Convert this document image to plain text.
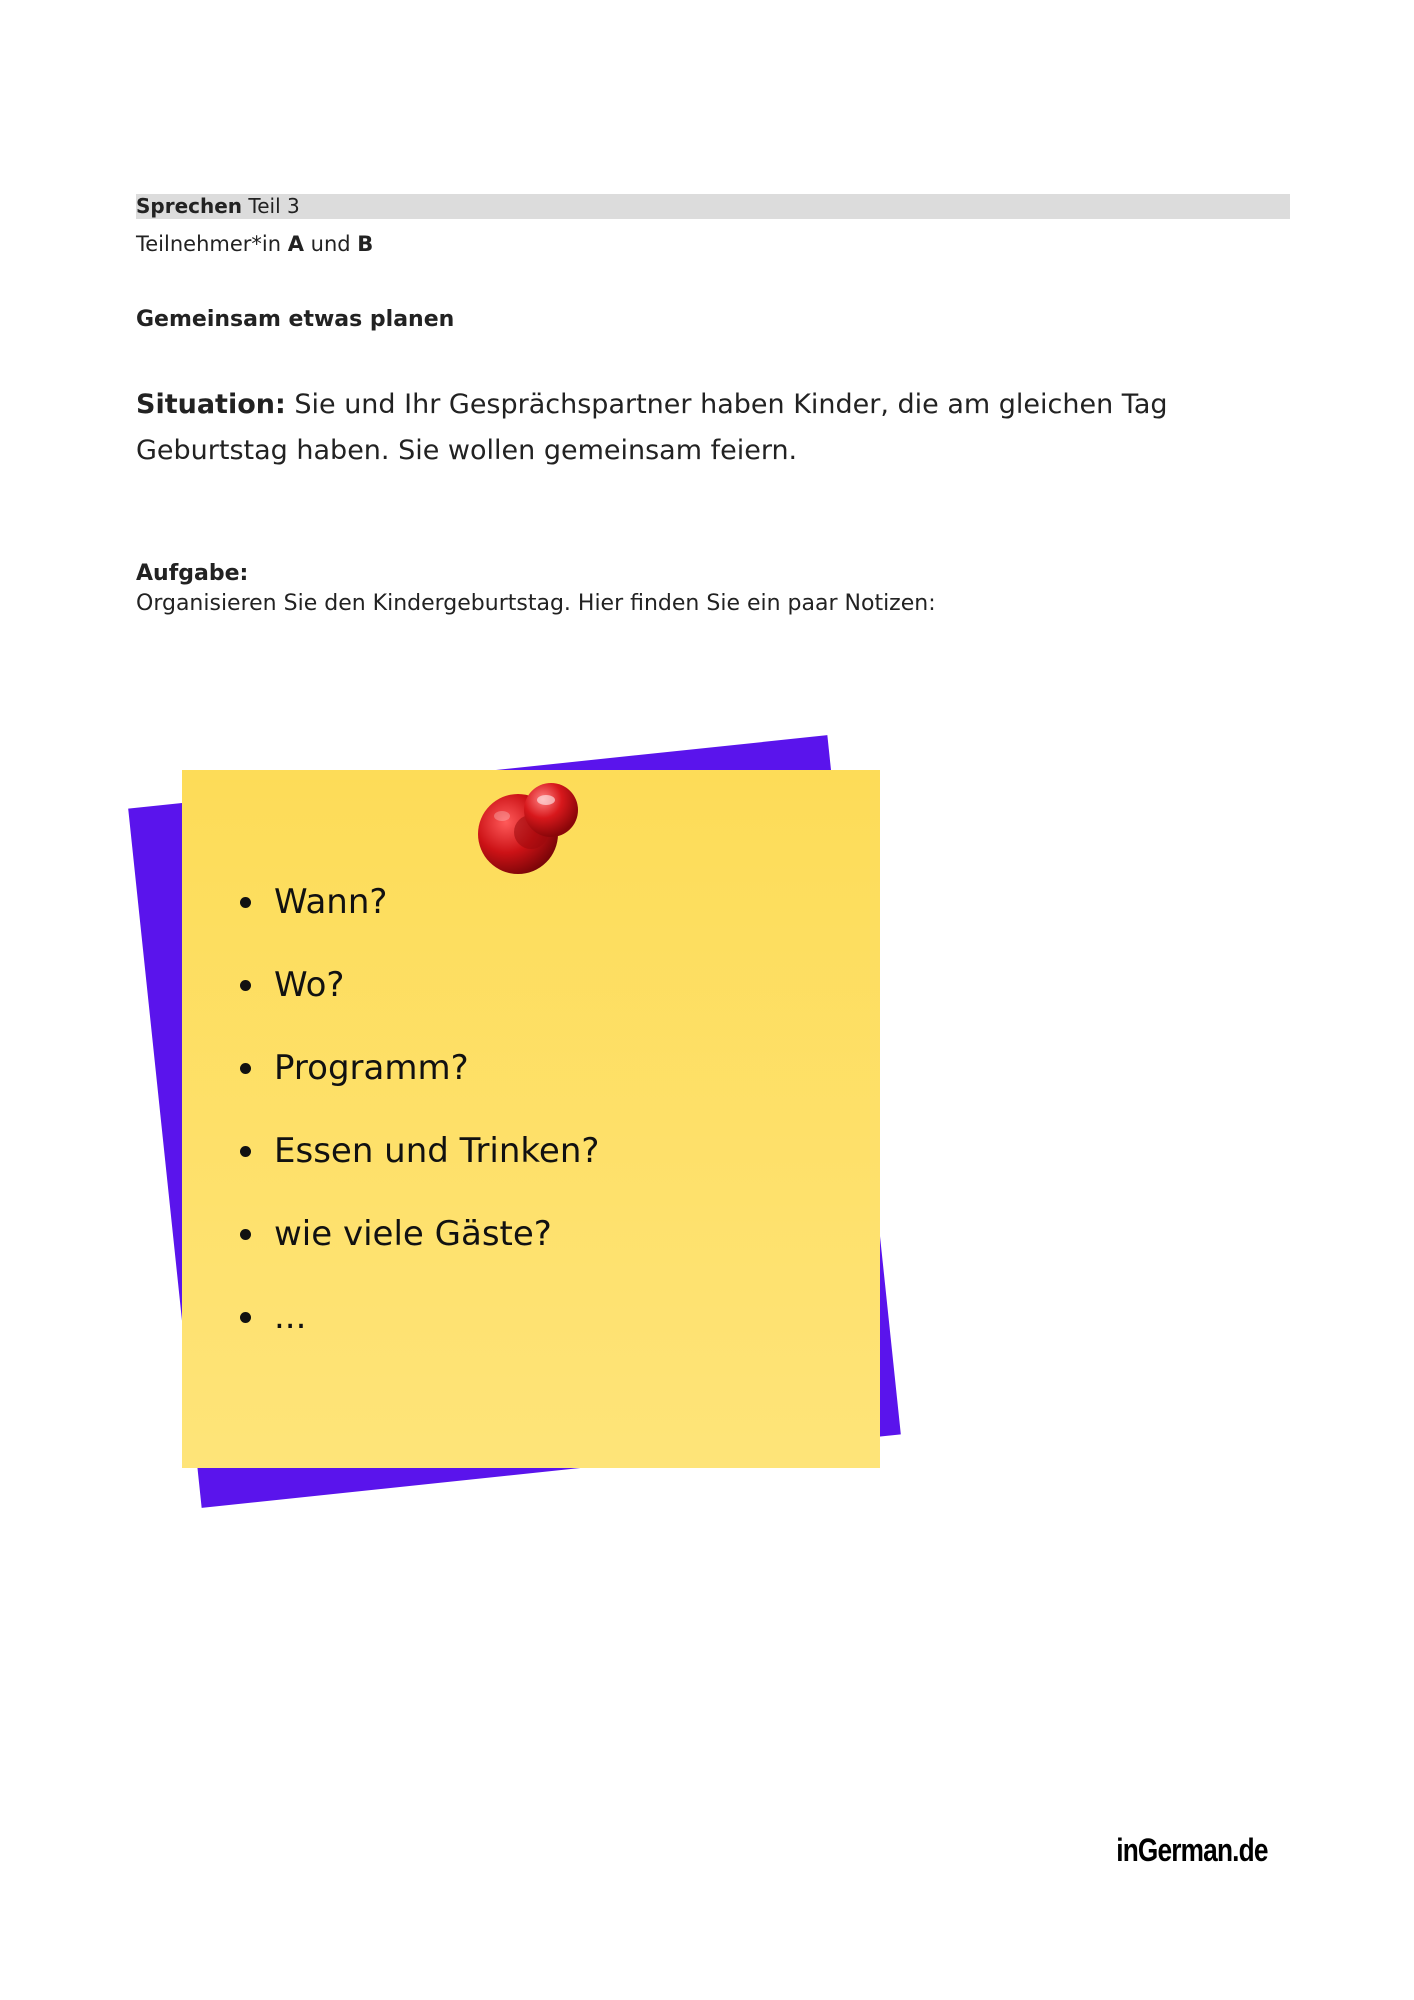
Sprechen Teil 3
Teilnehmer*in A und B
Gemeinsam etwas planen
Situation: Sie und Ihr Gesprächspartner haben Kinder, die am gleichen Tag Geburtstag haben. Sie wollen gemeinsam feiern.
Aufgabe:
Organisieren Sie den Kindergeburtstag. Hier finden Sie ein paar Notizen:
Wann?
Wo?
Programm?
Essen und Trinken?
wie viele Gäste?
...
inGerman.de
